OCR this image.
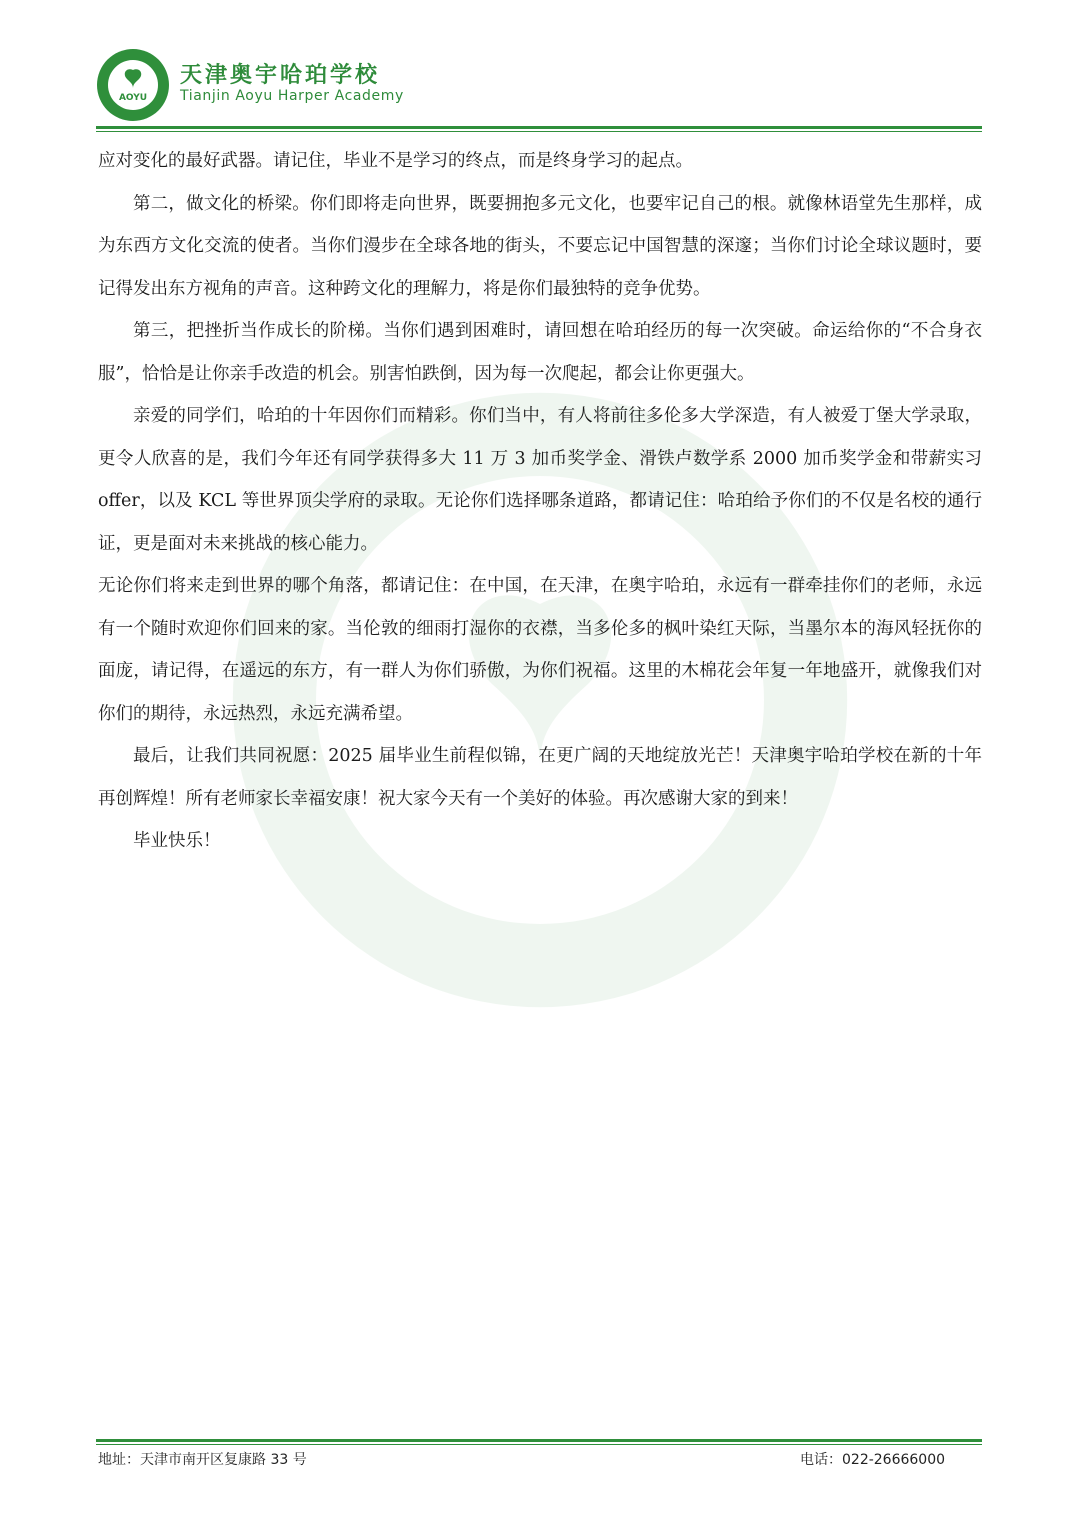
AOYU
天津奥宇哈珀学校
Tianjin Aoyu Harper Academy

应对变化的最好武器。请记住，毕业不是学习的终点，而是终身学习的起点。

第二，做文化的桥梁。你们即将走向世界，既要拥抱多元文化，也要牢记自己的根。就像林语堂先生那样，成为东西方文化交流的使者。当你们漫步在全球各地的街头，不要忘记中国智慧的深邃；当你们讨论全球议题时，要记得发出东方视角的声音。这种跨文化的理解力，将是你们最独特的竞争优势。

第三，把挫折当作成长的阶梯。当你们遇到困难时，请回想在哈珀经历的每一次突破。命运给你的“不合身衣服”，恰恰是让你亲手改造的机会。别害怕跌倒，因为每一次爬起，都会让你更强大。

亲爱的同学们，哈珀的十年因你们而精彩。你们当中，有人将前往多伦多大学深造，有人被爱丁堡大学录取，更令人欣喜的是，我们今年还有同学获得多大 11 万 3 加币奖学金、滑铁卢数学系 2000 加币奖学金和带薪实习 offer，以及 KCL 等世界顶尖学府的录取。无论你们选择哪条道路，都请记住：哈珀给予你们的不仅是名校的通行证，更是面对未来挑战的核心能力。

无论你们将来走到世界的哪个角落，都请记住：在中国，在天津，在奥宇哈珀，永远有一群牵挂你们的老师，永远有一个随时欢迎你们回来的家。当伦敦的细雨打湿你的衣襟，当多伦多的枫叶染红天际，当墨尔本的海风轻抚你的面庞，请记得，在遥远的东方，有一群人为你们骄傲，为你们祝福。这里的木棉花会年复一年地盛开，就像我们对你们的期待，永远热烈，永远充满希望。

最后，让我们共同祝愿：2025 届毕业生前程似锦，在更广阔的天地绽放光芒！天津奥宇哈珀学校在新的十年再创辉煌！所有老师家长幸福安康！祝大家今天有一个美好的体验。再次感谢大家的到来！

毕业快乐！

地址：天津市南开区复康路 33 号	电话：022-26666000
